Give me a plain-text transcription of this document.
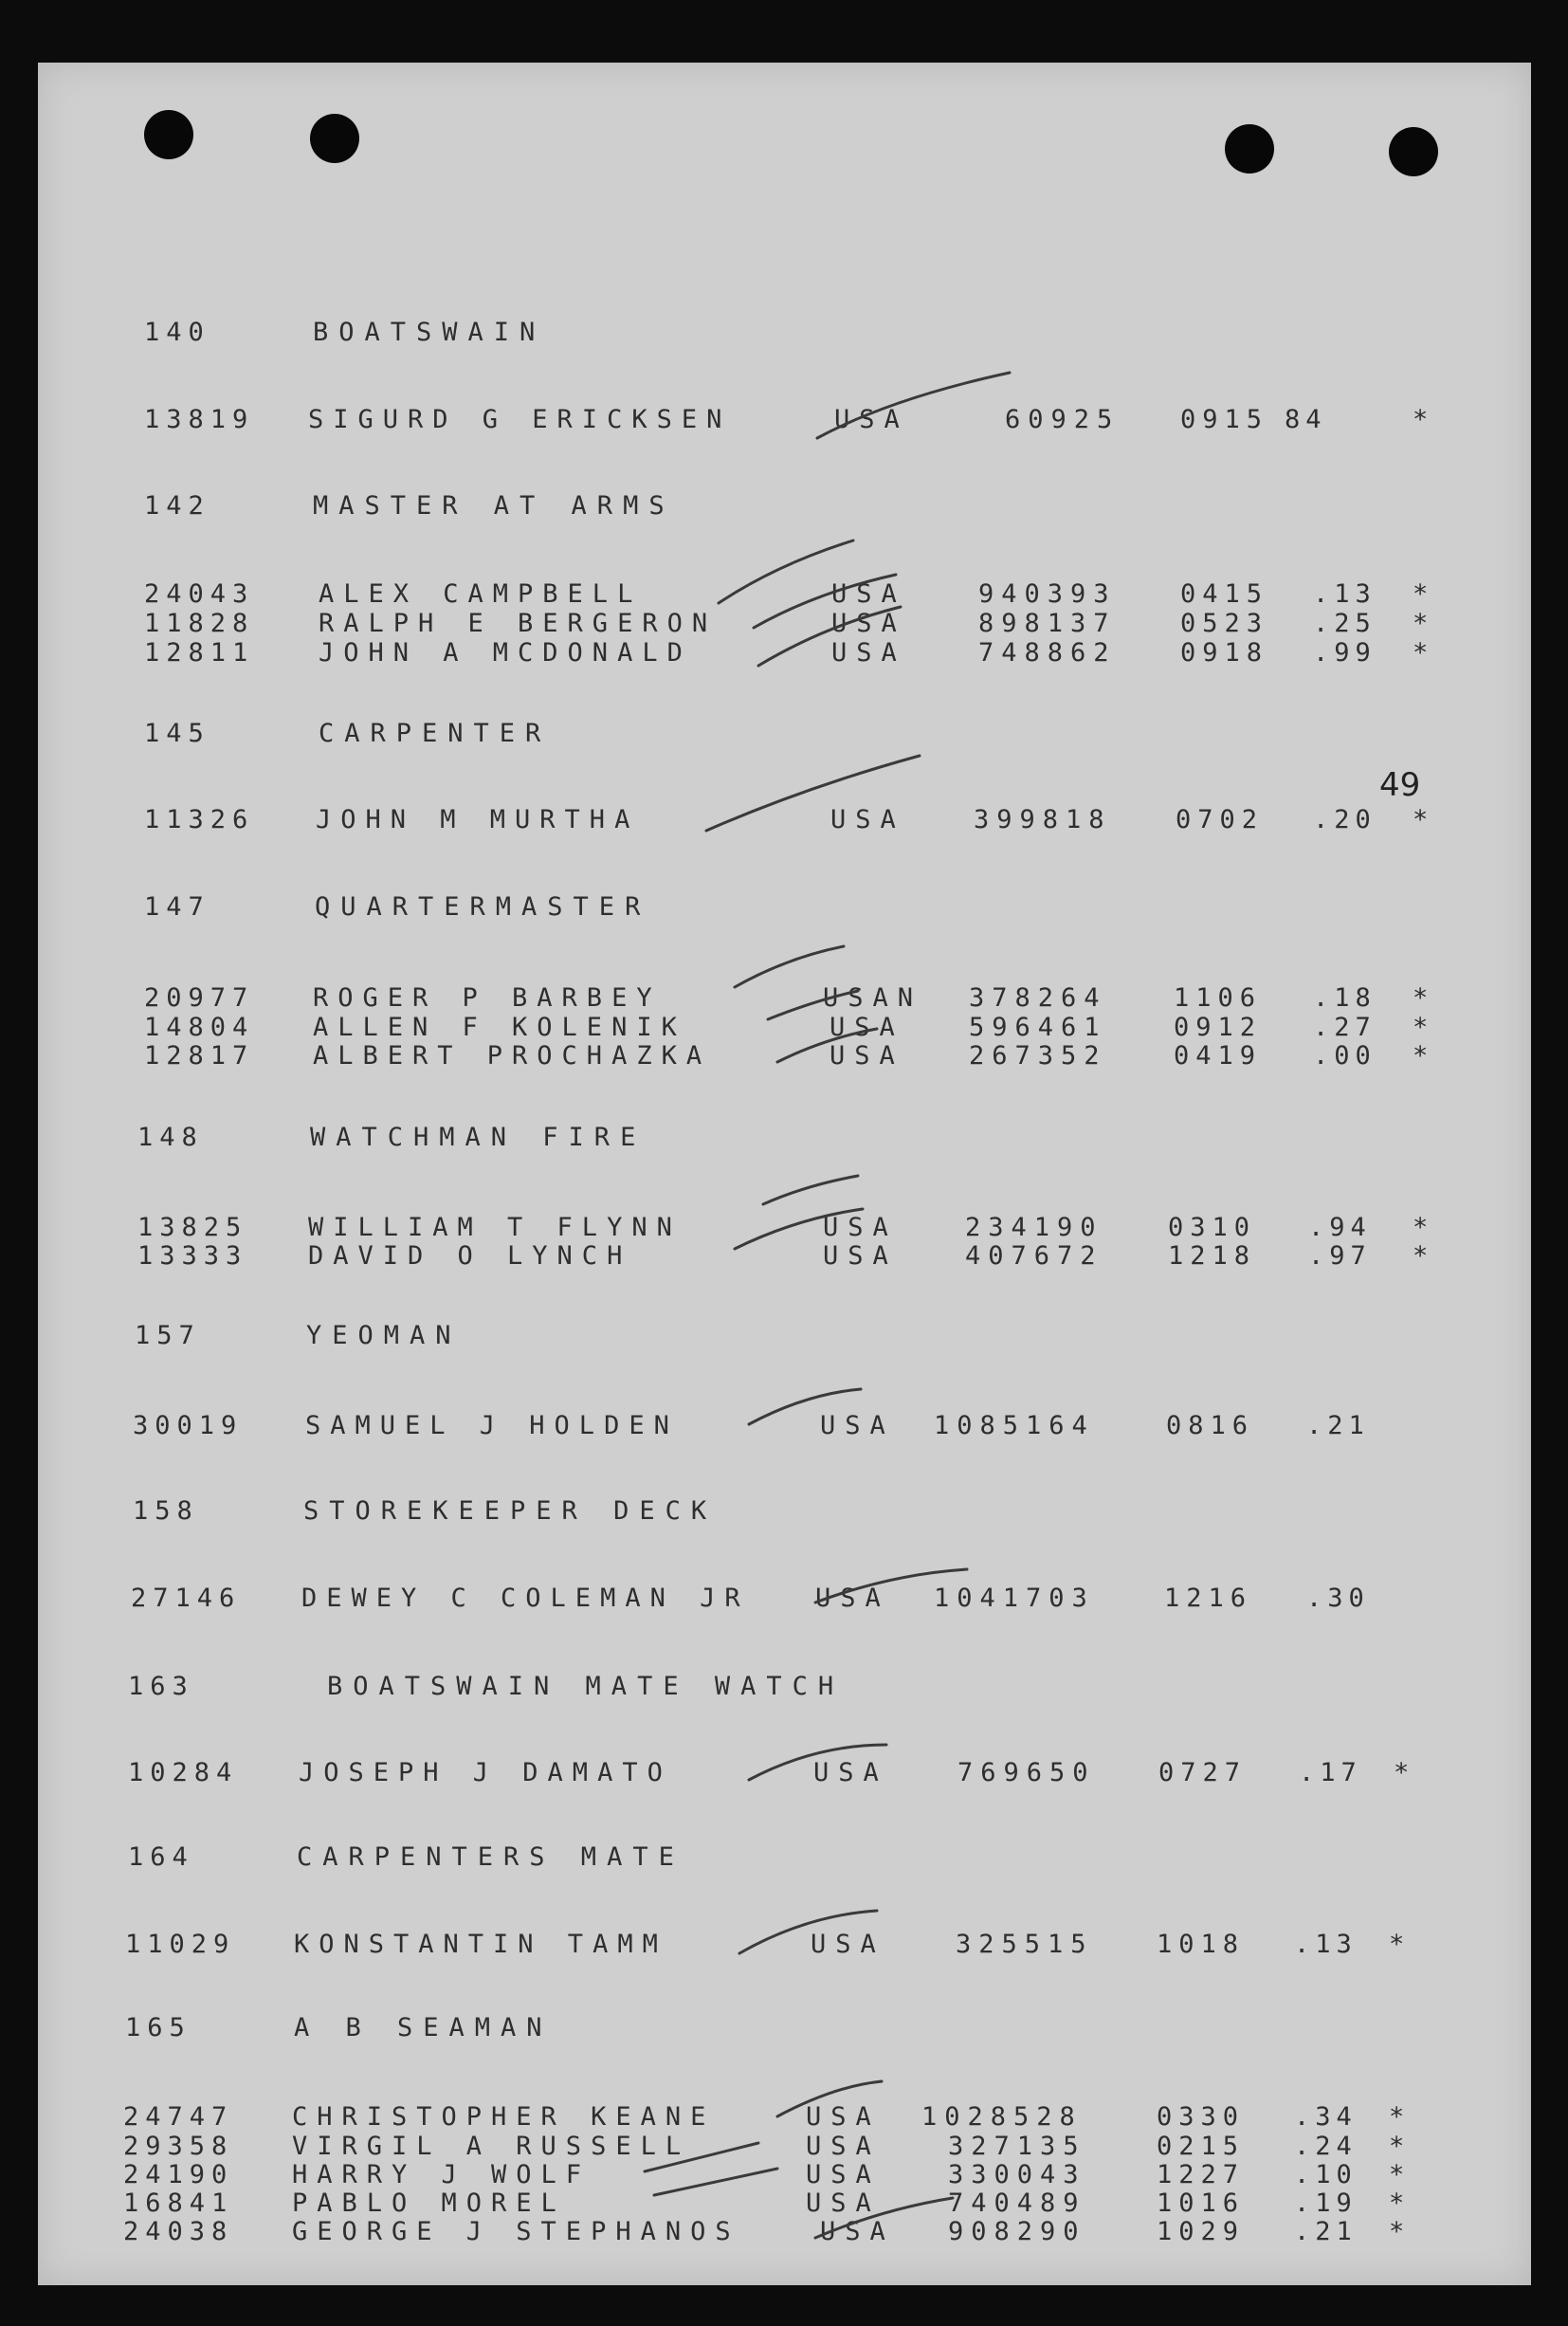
49
140	BOATSWAIN
13819 SIGURD G ERICKSEN	USA	60925 0915 84	*
142	MASTER AT ARMS
24043	ALEX CAMPBELL	USA	940393 0415 .13 *
11828	RALPH E BERGERON	USA	898137 0523 .25 *
12811	JOHN A MCDONALD	USA	748862 0918 .99 *
145	CARPENTER
11326 JOHN M MURTHA	USA	399818 0702 .20 *
147	QUARTERMASTER
20977 ROGER P BARBEY	USAN 378264	1106 .18 *
14804 ALLEN F KOLENIK	USA	596461	0912 .27 *
12817 ALBERT PROCHAZKA	USA	267352	0419 .00 *
148	WATCHMAN FIRE
13825 WILLIAM T FLYNN	USA	234190	0310 .94 *
13333 DAVID O LYNCH	USA	407672	1218 .97 *
157	YEOMAN
30019 SAMUEL J HOLDEN	USA 1085164	0816 .21
158	STOREKEEPER DECK
27146 DEWEY C COLEMAN JR	USA 1041703	1216 .30
163	BOATSWAIN MATE WATCH
10284 JOSEPH J DAMATO	USA	769650 0727 .17 *
164	CARPENTERS MATE
11029 KONSTANTIN TAMM	USA	325515 1018 .13 *
165	A B SEAMAN
24747 CHRISTOPHER KEANE	USA 1028528	0330 .34 *
29358 VIRGIL A RUSSELL	USA	327135	0215 .24 *
24190 HARRY J WOLF	USA	330043	1227 .10 *
16841 PABLO MOREL	USA	740489	1016 .19 *
24038 GEORGE J STEPHANOS	USA 908290	1029 .21 *
